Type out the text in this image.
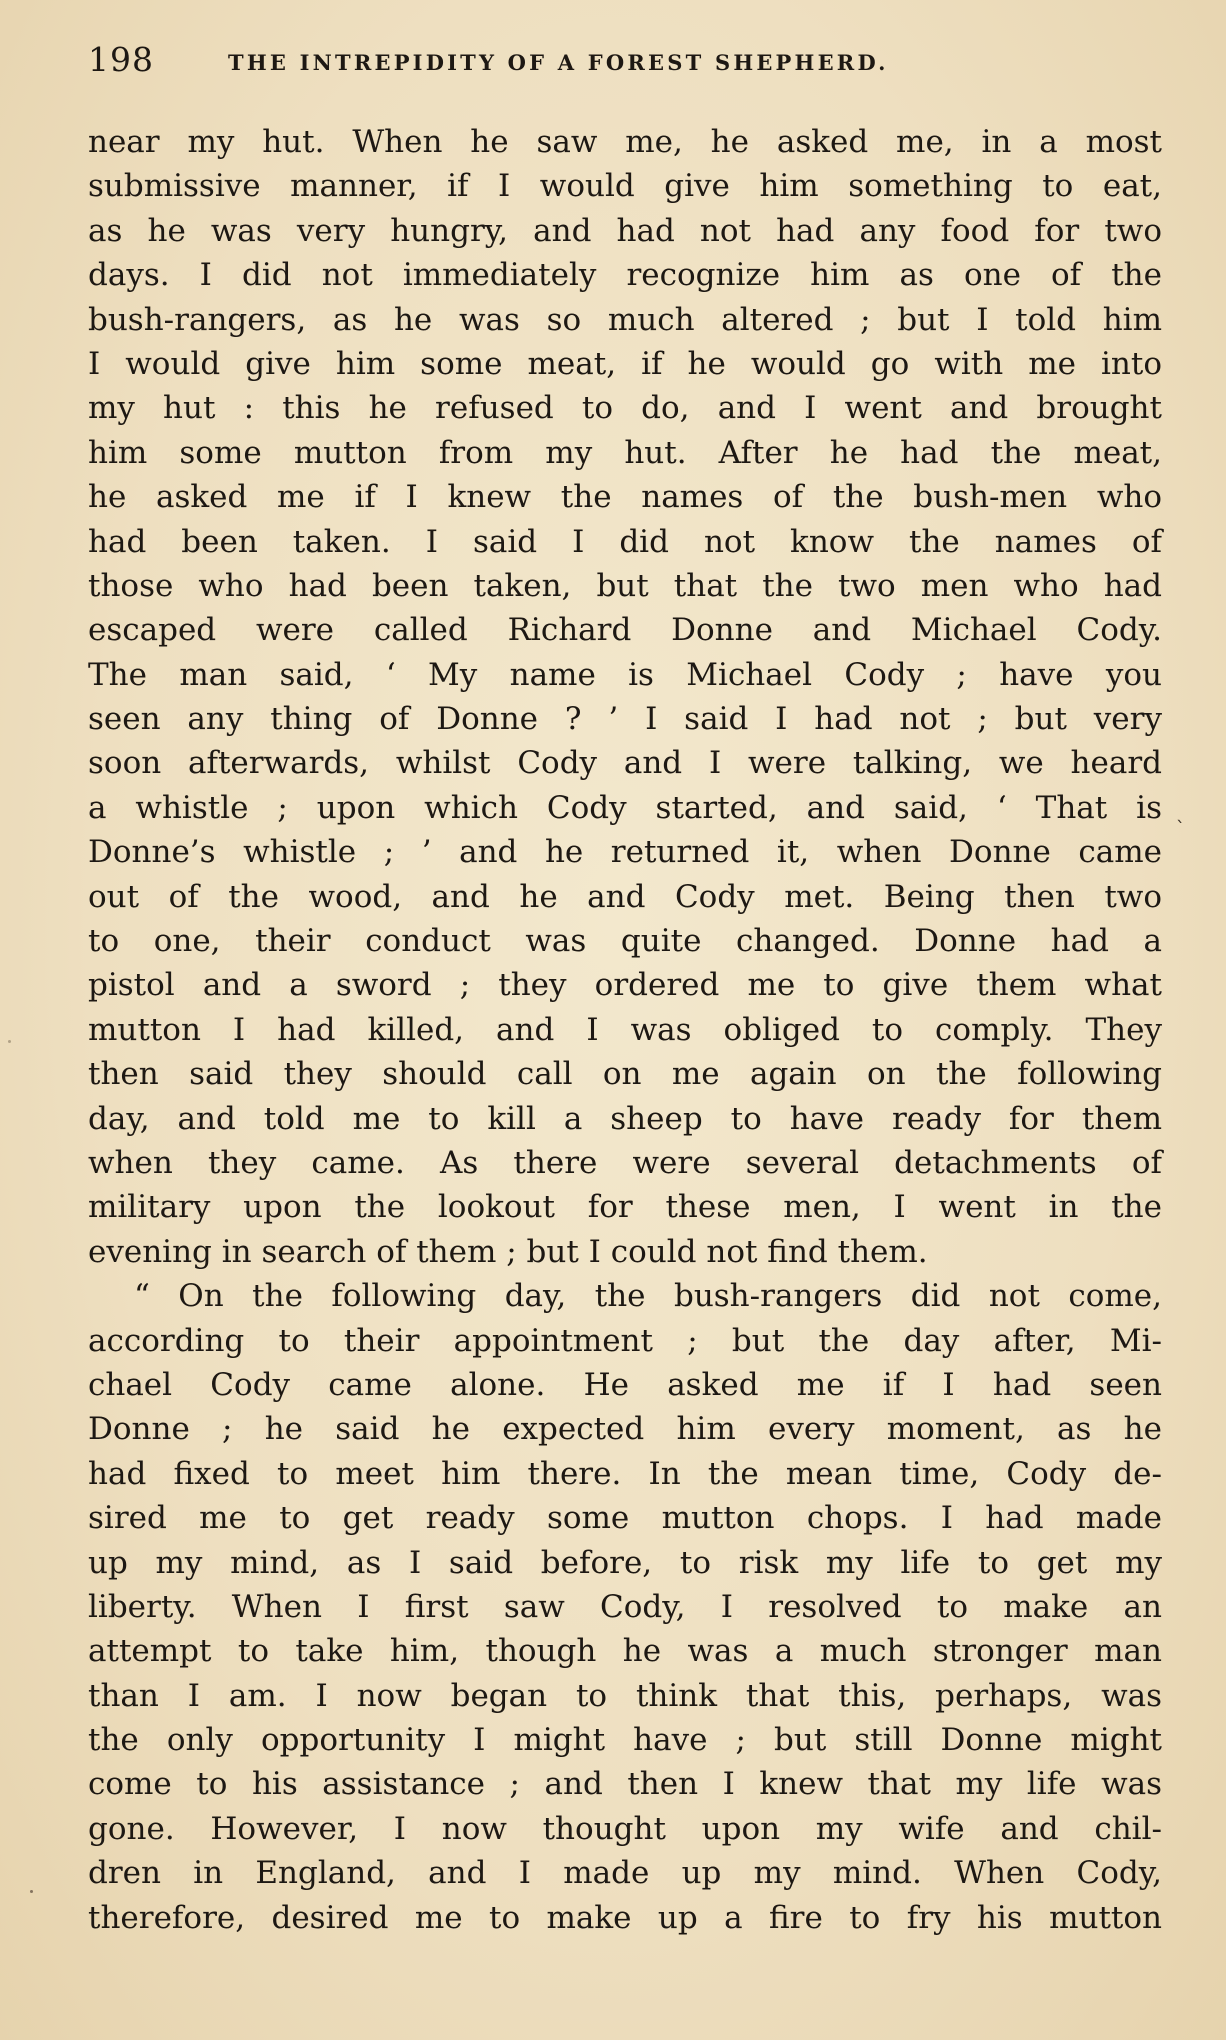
198	THE INTREPIDITY OF A FOREST SHEPHERD.
near my hut. When he saw me, he asked me, in a most
submissive manner, if I would give him something to eat,
as he was very hungry, and had not had any food for two
days. I did not immediately recognize him as one of the
bush-rangers, as he was so much altered ; but I told him
I would give him some meat, if he would go with me into
my hut : this he refused to do, and I went and brought
him some mutton from my hut. After he had the meat,
he asked me if I knew the names of the bush-men who
had been taken. I said I did not know the names of
those who had been taken, but that the two men who had
escaped were called Richard Donne and Michael Cody.
The man said, ‘ My name is Michael Cody ; have you
seen any thing of Donne ? ’ I said I had not ; but very
soon afterwards, whilst Cody and I were talking, we heard
a whistle ; upon which Cody started, and said, ‘ That is
Donne’s whistle ; ’ and he returned it, when Donne came
out of the wood, and he and Cody met. Being then two
to one, their conduct was quite changed. Donne had a
pistol and a sword ; they ordered me to give them what
mutton I had killed, and I was obliged to comply. They
then said they should call on me again on the following
day, and told me to kill a sheep to have ready for them
when they came. As there were several detachments of
military upon the lookout for these men, I went in the
evening in search of them ; but I could not find them.
“ On the following day, the bush-rangers did not come,
according to their appointment ; but the day after, Mi-
chael Cody came alone. He asked me if I had seen
Donne ; he said he expected him every moment, as he
had fixed to meet him there. In the mean time, Cody de-
sired me to get ready some mutton chops. I had made
up my mind, as I said before, to risk my life to get my
liberty. When I first saw Cody, I resolved to make an
attempt to take him, though he was a much stronger man
than I am. I now began to think that this, perhaps, was
the only opportunity I might have ; but still Donne might
come to his assistance ; and then I knew that my life was
gone. However, I now thought upon my wife and chil-
dren in England, and I made up my mind. When Cody,
therefore, desired me to make up a fire to fry his mutton
ˎ
